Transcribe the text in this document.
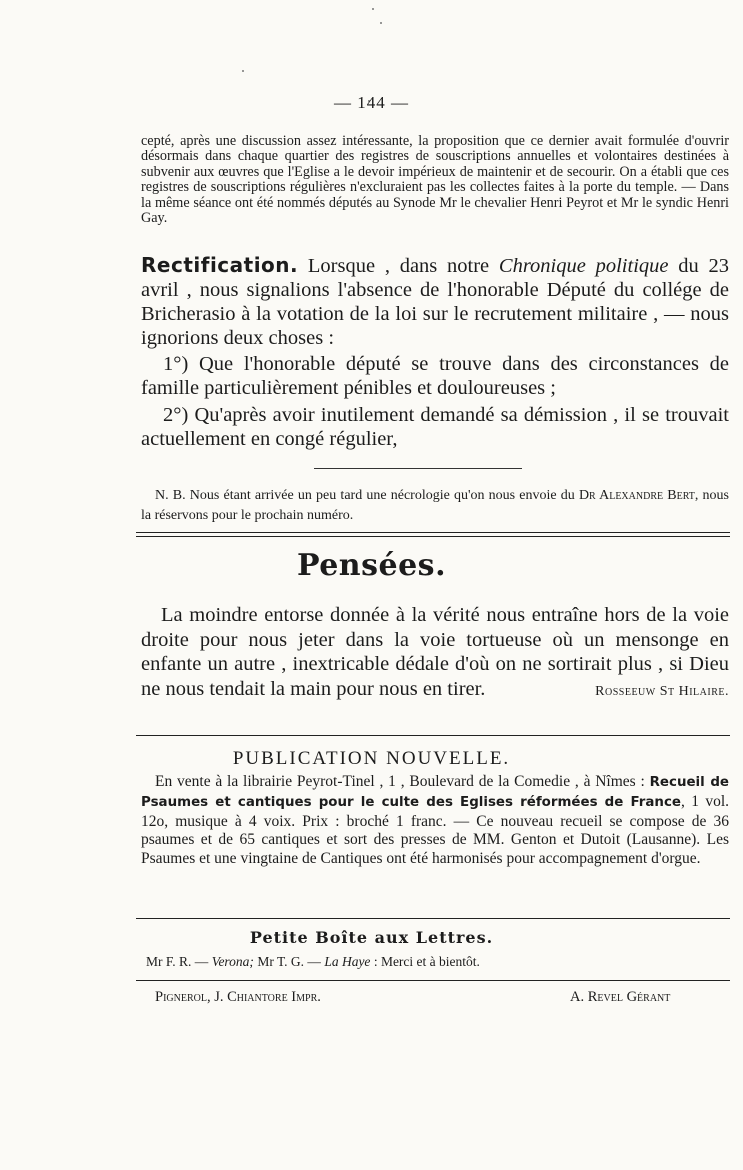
— 144 —
cepté, après une discussion assez intéressante, la proposition que ce dernier avait formulée d'ouvrir désormais dans chaque quartier des registres de souscriptions annuelles et volontaires destinées à subvenir aux œuvres que l'Eglise a le devoir impérieux de maintenir et de secourir. On a établi que ces registres de souscriptions régulières n'excluraient pas les collectes faites à la porte du temple. — Dans la même séance ont été nommés députés au Synode Mr le chevalier Henri Peyrot et Mr le syndic Henri Gay.
Rectification. Lorsque , dans notre Chronique politique du 23 avril , nous signalions l'absence de l'honorable Député du collége de Bricherasio à la votation de la loi sur le recrutement militaire , — nous ignorions deux choses :
1°) Que l'honorable député se trouve dans des circonstances de famille particulièrement pénibles et douloureuses ;
2°) Qu'après avoir inutilement demandé sa démission , il se trouvait actuellement en congé régulier,
N. B. Nous étant arrivée un peu tard une nécrologie qu'on nous envoie du Dr Alexandre Bert, nous la réservons pour le prochain numéro.
Pensées.
La moindre entorse donnée à la vérité nous entraîne hors de la voie droite pour nous jeter dans la voie tortueuse où un mensonge en enfante un autre , inextricable dédale d'où on ne sortirait plus , si Dieu ne nous tendait la main pour nous en tirer.	Rosseeuw St Hilaire.
PUBLICATION NOUVELLE.
En vente à la librairie Peyrot-Tinel , 1 , Boulevard de la Comedie , à Nîmes : Recueil de Psaumes et cantiques pour le culte des Eglises réformées de France, 1 vol. 12o, musique à 4 voix. Prix : broché 1 franc. — Ce nouveau recueil se compose de 36 psaumes et de 65 cantiques et sort des presses de MM. Genton et Dutoit (Lausanne). Les Psaumes et une vingtaine de Cantiques ont été harmonisés pour accompagnement d'orgue.
Petite Boîte aux Lettres.
Mr F. R. — Verona; Mr T. G. — La Haye : Merci et à bientôt.
Pignerol, J. Chiantore Impr.	A. Revel Gérant
